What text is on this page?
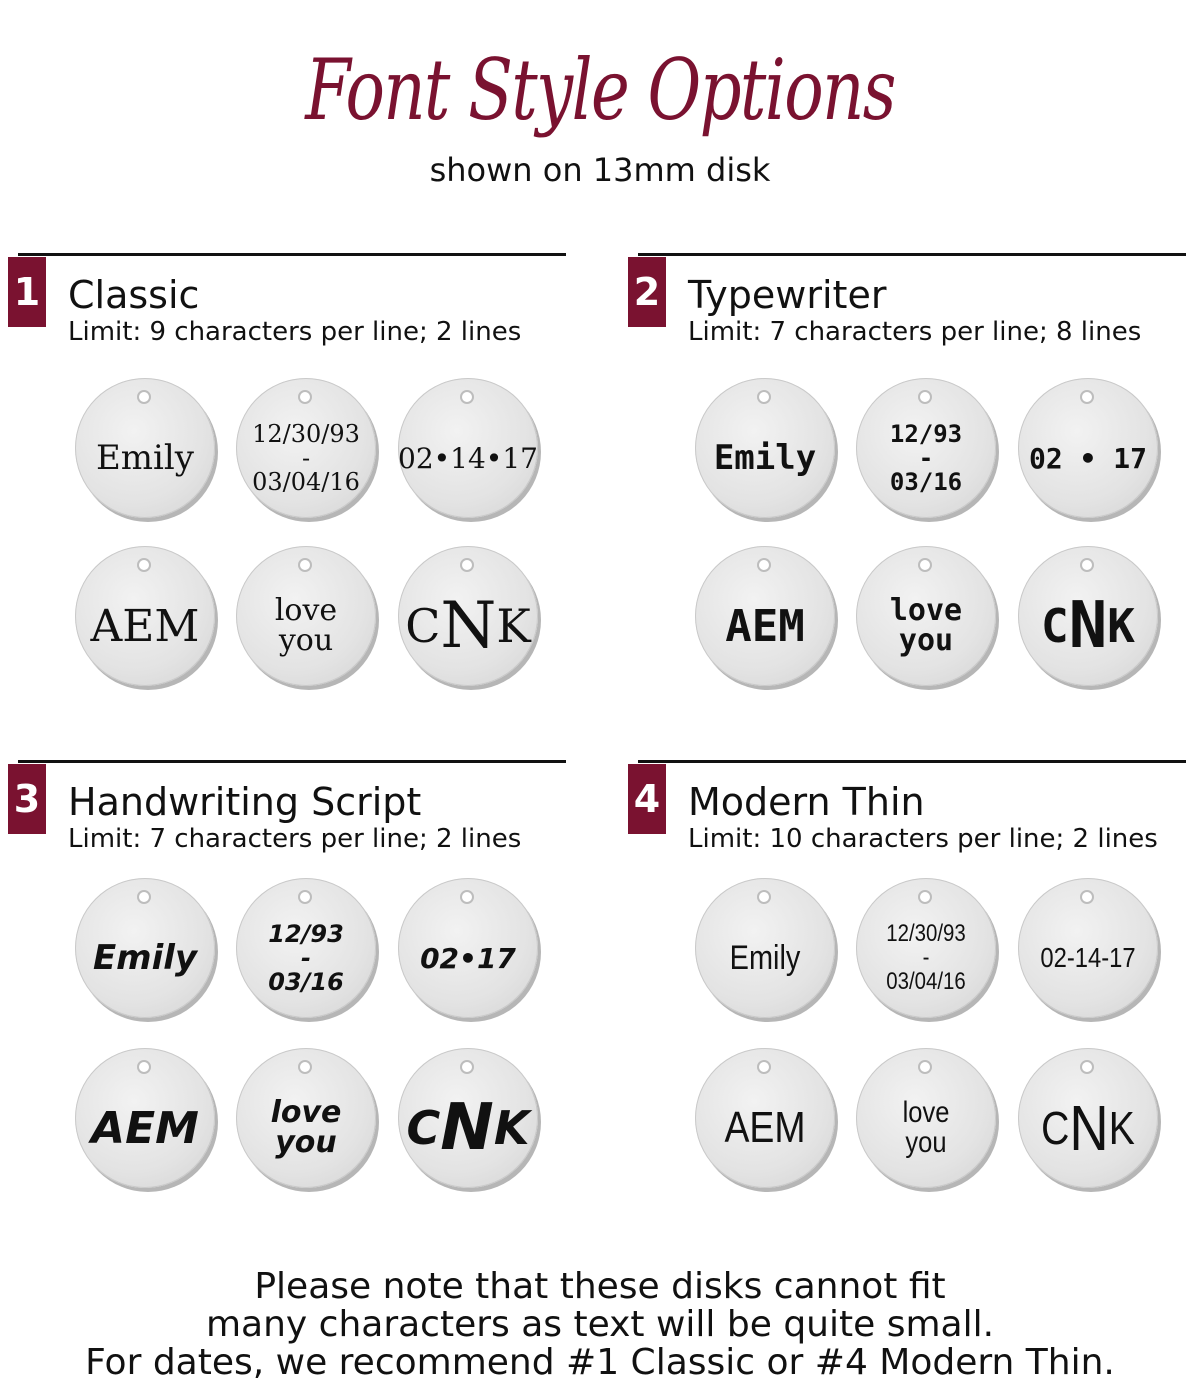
Font Style Options
shown on 13mm disk
1 Classic
Limit: 9 characters per line; 2 lines
Emily
12/30/93
-
03/04/16
02•14•17
AEM	love
you	C N K
2 Typewriter
Limit: 7 characters per line; 8 lines
Emily
12/93
-
03/16
02 • 17
AEM	love
you	C N K
3 Handwriting Script
Limit: 7 characters per line; 2 lines
Emily
12/93
-
03/16
02•17
AEM	love
you	C N K
4 Modern Thin
Limit: 10 characters per line; 2 lines
Emily
12/30/93
-
03/04/16
02-14-17
AEM	love
you	C N K
Please note that these disks cannot fit
many characters as text will be quite small.
For dates, we recommend #1 Classic or #4 Modern Thin.
